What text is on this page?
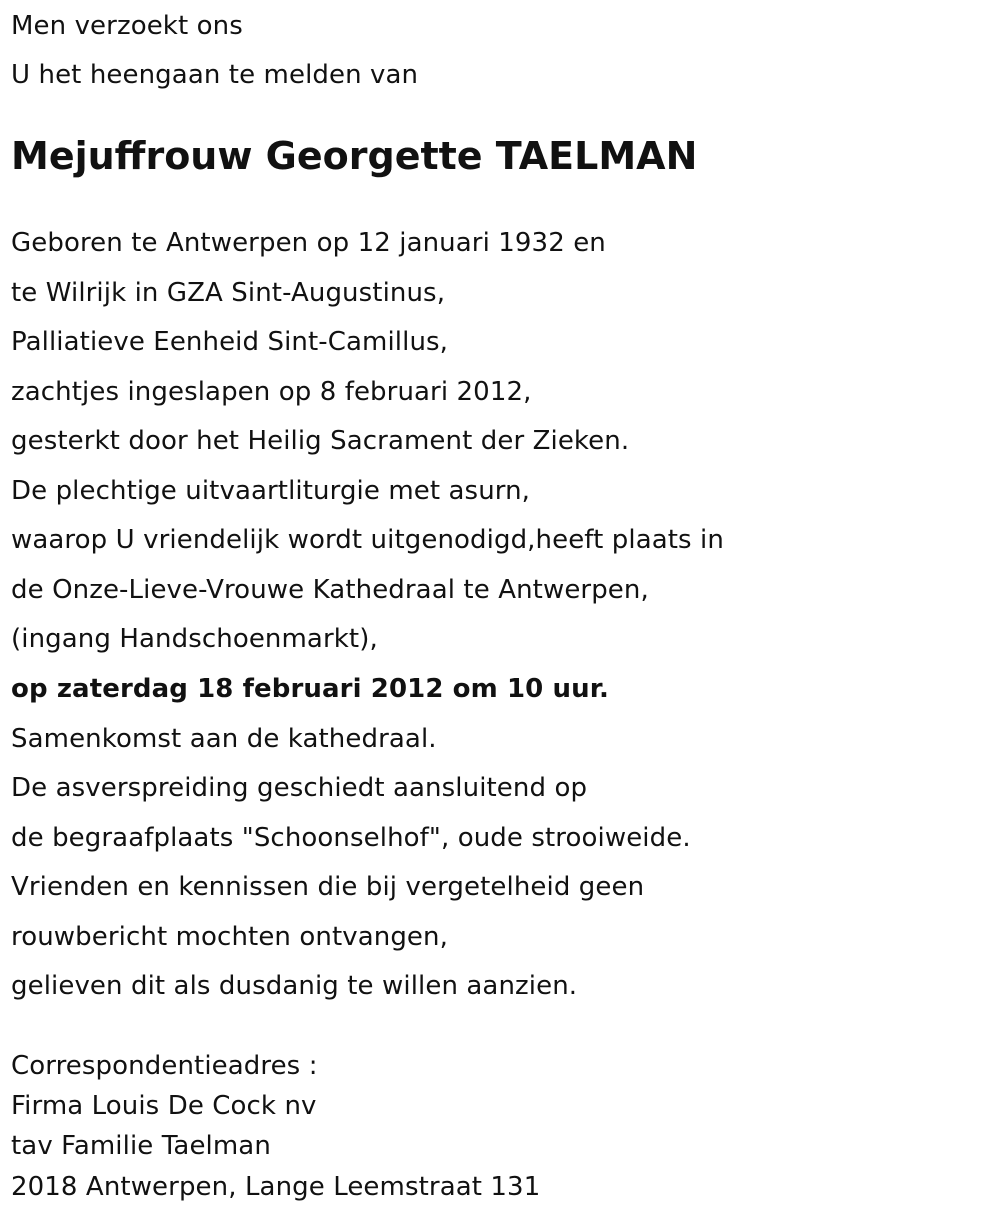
Men verzoekt ons
U het heengaan te melden van
Mejuffrouw Georgette TAELMAN
Geboren te Antwerpen op 12 januari 1932 en
te Wilrijk in GZA Sint-Augustinus,
Palliatieve Eenheid Sint-Camillus,
zachtjes ingeslapen op 8 februari 2012,
gesterkt door het Heilig Sacrament der Zieken.
De plechtige uitvaartliturgie met asurn,
waarop U vriendelijk wordt uitgenodigd,heeft plaats in
de Onze-Lieve-Vrouwe Kathedraal te Antwerpen,
(ingang Handschoenmarkt),
op zaterdag 18 februari 2012 om 10 uur.
Samenkomst aan de kathedraal.
De asverspreiding geschiedt aansluitend op
de begraafplaats "Schoonselhof", oude strooiweide.
Vrienden en kennissen die bij vergetelheid geen
rouwbericht mochten ontvangen,
gelieven dit als dusdanig te willen aanzien.
Correspondentieadres :
Firma Louis De Cock nv
tav Familie Taelman
2018 Antwerpen, Lange Leemstraat 131
